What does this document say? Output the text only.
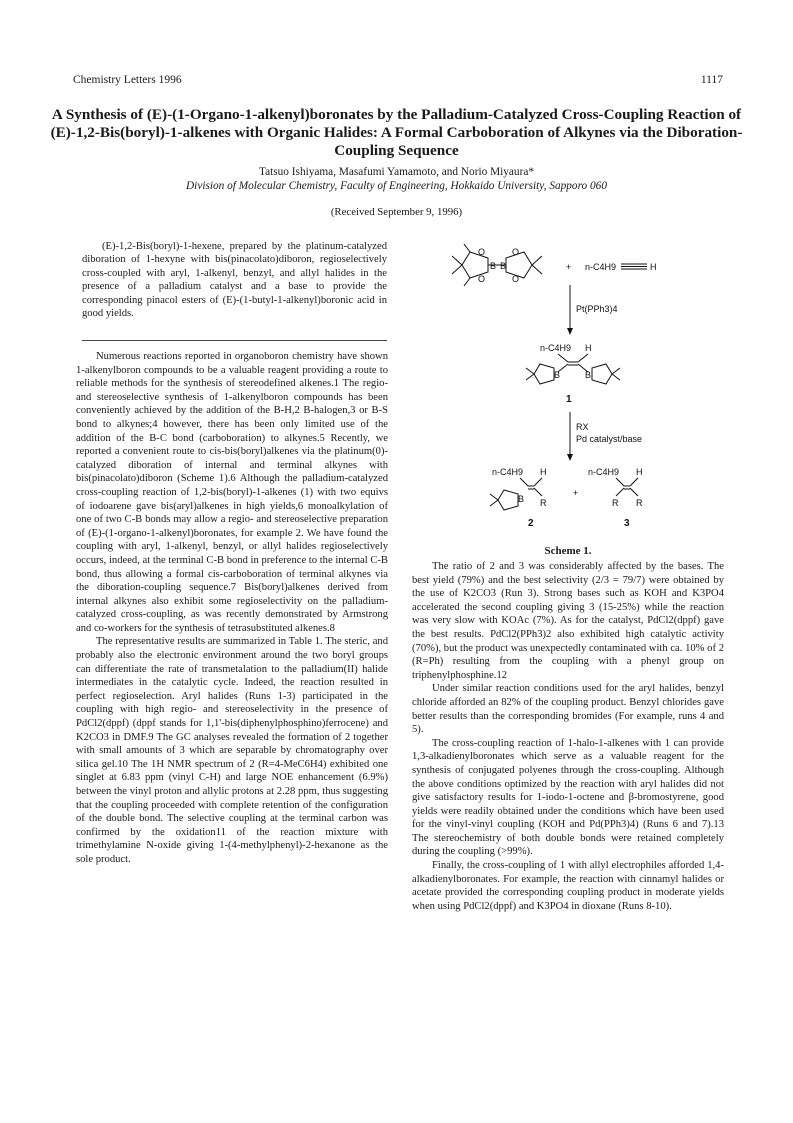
Chemistry Letters 1996	1117
A Synthesis of (E)-(1-Organo-1-alkenyl)boronates by the Palladium-Catalyzed Cross-Coupling Reaction of (E)-1,2-Bis(boryl)-1-alkenes with Organic Halides: A Formal Carboboration of Alkynes via the Diboration-Coupling Sequence
Tatsuo Ishiyama, Masafumi Yamamoto, and Norio Miyaura*
Division of Molecular Chemistry, Faculty of Engineering, Hokkaido University, Sapporo 060
(Received September 9, 1996)

(E)-1,2-Bis(boryl)-1-hexene, prepared by the platinum-catalyzed diboration of 1-hexyne with bis(pinacolato)diboron, regioselectively cross-coupled with aryl, 1-alkenyl, benzyl, and allyl halides in the presence of a palladium catalyst and a base to provide the corresponding pinacol esters of (E)-(1-butyl-1-alkenyl)boronic acid in good yields.

Numerous reactions reported in organoboron chemistry have shown 1-alkenylboron compounds to be a valuable reagent providing a route to reliable methods for the synthesis of stereodefined alkenes.1 The regio- and stereoselective synthesis of 1-alkenylboron compounds has been conveniently achieved by the addition of the B-H,2 B-halogen,3 or B-S bond to alkynes;4 however, there has been only limited use of the addition of the B-C bond (carboboration) to alkynes.5 Recently, we reported a convenient route to cis-bis(boryl)alkenes via the platinum(0)-catalyzed diboration of internal and terminal alkynes with bis(pinacolato)diboron (Scheme 1).6 Although the palladium-catalyzed cross-coupling reaction of 1,2-bis(boryl)-1-alkenes (1) with two equivs of iodoarene gave bis(aryl)alkenes in high yields,6 monoalkylation of one of two C-B bonds may allow a regio- and stereoselective preparation of (E)-(1-organo-1-alkenyl)boronates, for example 2. We have found the coupling with aryl, 1-alkenyl, benzyl, or allyl halides regioselectively occurs, indeed, at the terminal C-B bond in preference to the internal C-B bond, thus allowing a formal cis-carboboration of terminal alkynes via the diboration-coupling sequence.7 Bis(boryl)alkenes derived from internal alkynes also exhibit some regioselectivity on the palladium-catalyzed cross-coupling, as was recently demonstrated by Armstrong and co-workers for the synthesis of tetrasubstituted alkenes.8

The representative results are summarized in Table 1. The steric, and probably also the electronic environment around the two boryl groups can differentiate the rate of transmetalation to the palladium(II) halide intermediates in the catalytic cycle. Indeed, the reaction resulted in perfect regioselection. Aryl halides (Runs 1-3) participated in the coupling with high regio- and stereoselectivity in the presence of PdCl2(dppf) (dppf stands for 1,1'-bis(diphenylphosphino)ferrocene) and K2CO3 in DMF.9 The GC analyses revealed the formation of 2 together with small amounts of 3 which are separable by chromatography over silica gel.10 The 1H NMR spectrum of 2 (R=4-MeC6H4) exhibited one singlet at 6.83 ppm (vinyl C-H) and large NOE enhancement (6.9%) between the vinyl proton and allylic protons at 2.28 ppm, thus suggesting that the coupling proceeded with complete retention of the configuration of the double bond. The selective coupling at the terminal carbon was confirmed by the oxidation11 of the reaction mixture with trimethylamine N-oxide giving 1-(4-methylphenyl)-2-hexanone as the sole product.

B B
O
O
O
O
+ n-C4H9	H
Pt(PPh3)4
n-C4H9 H
B	B
1
RX
Pd catalyst/base
n-C4H9 H
B R
2
+
n-C4H9 H
R R
3
Scheme 1.

The ratio of 2 and 3 was considerably affected by the bases. The best yield (79%) and the best selectivity (2/3 = 79/7) were obtained by the use of K2CO3 (Run 3). Strong bases such as KOH and K3PO4 accelerated the second coupling giving 3 (15-25%) while the reaction was very slow with KOAc (7%). As for the catalyst, PdCl2(dppf) gave the best results. PdCl2(PPh3)2 also exhibited high catalytic activity (70%), but the product was unexpectedly contaminated with ca. 10% of 2 (R=Ph) resulting from the coupling with a phenyl group on triphenylphosphine.12

Under similar reaction conditions used for the aryl halides, benzyl chloride afforded an 82% of the coupling product. Benzyl chlorides gave better results than the corresponding bromides (For example, runs 4 and 5).

The cross-coupling reaction of 1-halo-1-alkenes with 1 can provide 1,3-alkadienylboronates which serve as a valuable reagent for the synthesis of conjugated polyenes through the cross-coupling. Although the above conditions optimized by the reaction with aryl halides did not give satisfactory results for 1-iodo-1-octene and β-bromostyrene, good yields were readily obtained under the conditions which have been used for the vinyl-vinyl coupling (KOH and Pd(PPh3)4) (Runs 6 and 7).13 The stereochemistry of both double bonds were retained completely during the coupling (>99%).

Finally, the cross-coupling of 1 with allyl electrophiles afforded 1,4-alkadienylboronates. For example, the reaction with cinnamyl halides or acetate provided the corresponding coupling product in moderate yields when using PdCl2(dppf) and K3PO4 in dioxane (Runs 8-10).
